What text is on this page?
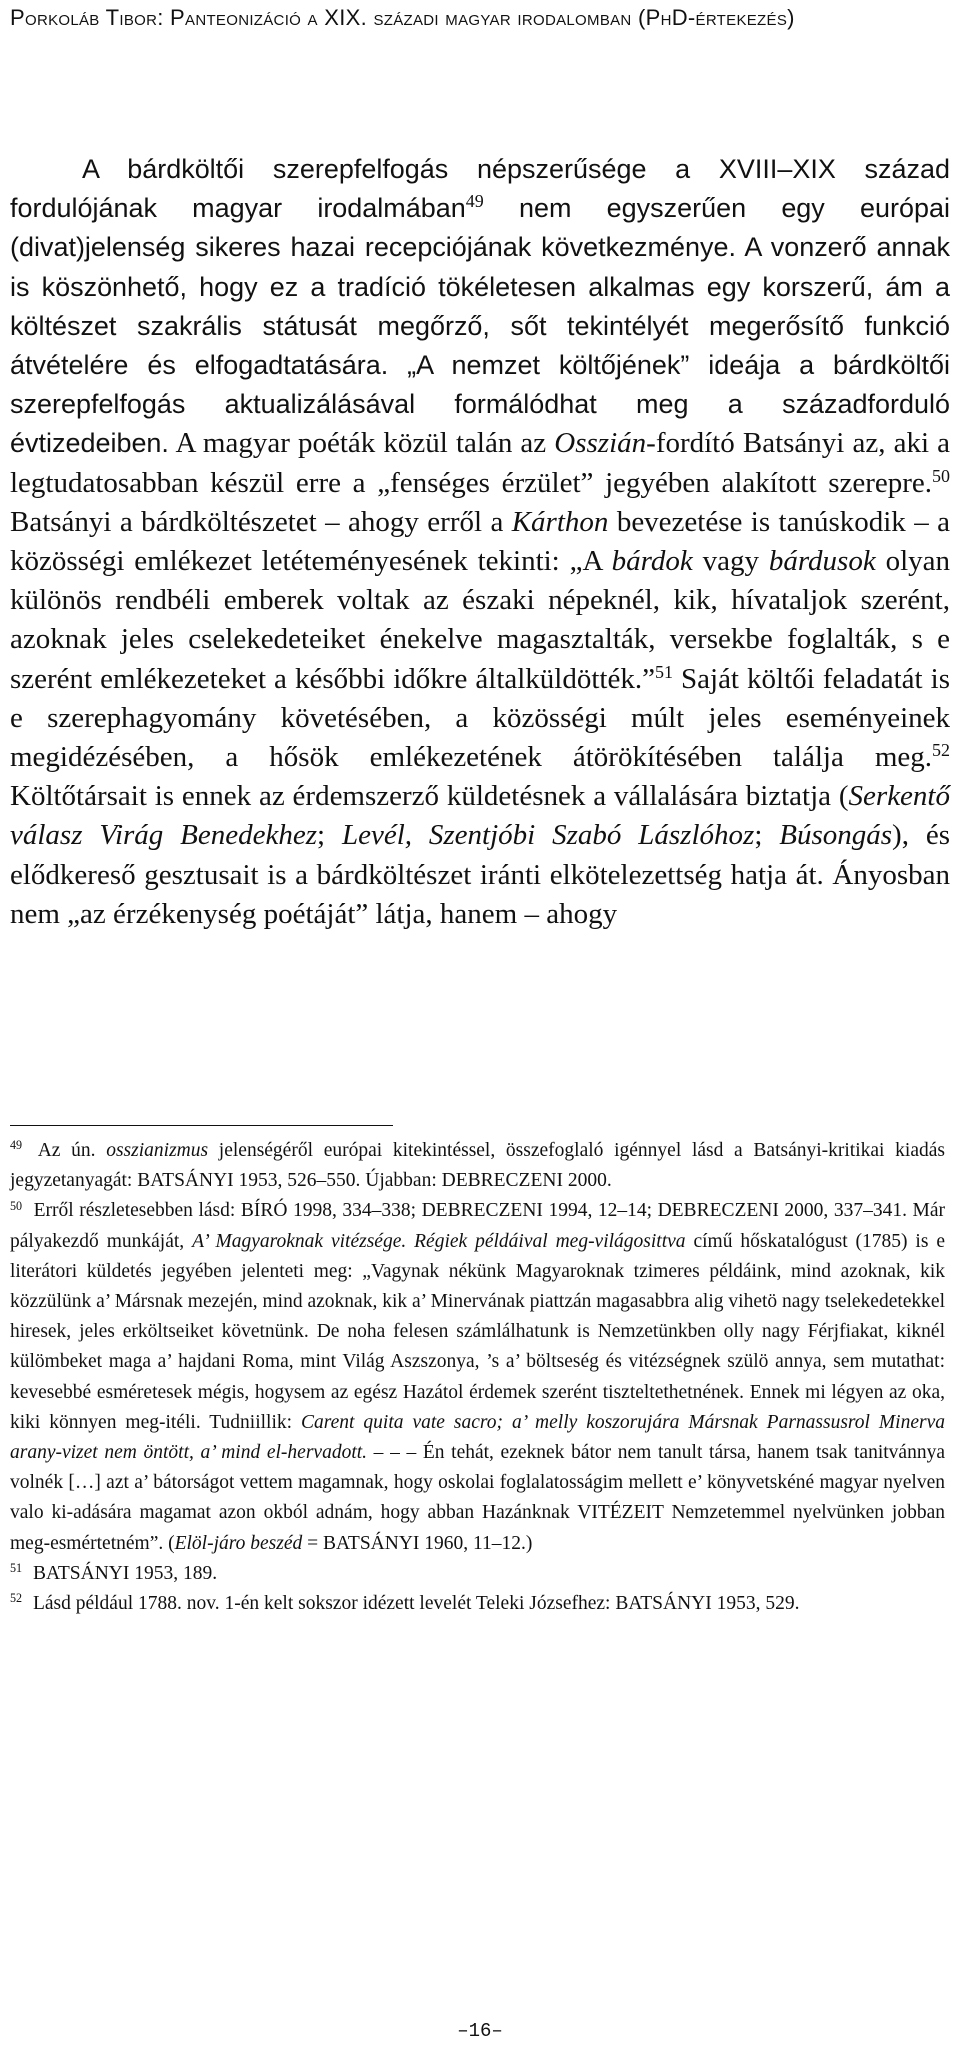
Porkoláb Tibor: Panteonizáció a XIX. századi magyar irodalomban (PhD-értekezés)

A bárdköltői szerepfelfogás népszerűsége a XVIII–XIX század fordulójának magyar irodalmában$^{49}$ nem egyszerűen egy európai (divat)jelenség sikeres hazai recepciójának következménye. A vonzerő annak is köszönhető, hogy ez a tradíció tökéletesen alkalmas egy korszerű, ám a költészet szakrális státusát megőrző, sőt tekintélyét megerősítő funkció átvételére és elfogadtatására. „A nemzet költőjének” ideája a bárdköltői szerepfelfogás aktualizálásával formálódhat meg a századforduló évtizedeiben. A magyar poéták közül talán az Osszián-fordító Batsányi az, aki a legtudatosabban készül erre a „fenséges érzület” jegyében alakított szerepre.$^{50}$ Batsányi a bárdköltészetet – ahogy erről a Kárthon bevezetése is tanúskodik – a közösségi emlékezet letéteményesének tekinti: „A bárdok vagy bárdusok olyan különös rendbéli emberek voltak az északi népeknél, kik, hívataljok szerént, azoknak jeles cselekedeteiket énekelve magasztalták, versekbe foglalták, s e szerént emlékezeteket a későbbi időkre általküldötték.”$^{51}$ Saját költői feladatát is e szerephagyomány követésében, a közösségi múlt jeles eseményeinek megidézésében, a hősök emlékezetének átörökítésében találja meg.$^{52}$ Költőtársait is ennek az érdemszerző küldetésnek a vállalására biztatja (Serkentő válasz Virág Benedekhez; Levél, Szentjóbi Szabó Lászlóhoz; Búsongás), és elődkereső gesztusait is a bárdköltészet iránti elkötelezettség hatja át. Ányosban nem „az érzékenység poétáját” látja, hanem – ahogy

$^{49}$ Az ún. osszianizmus jelenségéről európai kitekintéssel, összefoglaló igénnyel lásd a Batsányi-kritikai kiadás jegyzetanyagát: BATSÁNYI 1953, 526–550. Újabban: DEBRECZENI 2000.

$^{50}$ Erről részletesebben lásd: BÍRÓ 1998, 334–338; DEBRECZENI 1994, 12–14; DEBRECZENI 2000, 337–341. Már pályakezdő munkáját, A’ Magyaroknak vitézsége. Régiek példáival meg-világosittva című hőskatalógust (1785) is e literátori küldetés jegyében jelenteti meg: „Vagynak nékünk Magyaroknak tzimeres példáink, mind azoknak, kik közzülünk a’ Mársnak mezején, mind azoknak, kik a’ Minervának piattzán magasabbra alig vihetö nagy tselekedetekkel hiresek, jeles erköltseiket követnünk. De noha felesen számlálhatunk is Nemzetünkben olly nagy Férjfiakat, kiknél külömbeket maga a’ hajdani Roma, mint Világ Aszszonya, ’s a’ böltseség és vitézségnek szülö annya, sem mutathat: kevesebbé esméretesek mégis, hogysem az egész Hazátol érdemek szerént tiszteltethetnének. Ennek mi légyen az oka, kiki könnyen meg-itéli. Tudniillik: Carent quita vate sacro; a’ melly koszorujára Mársnak Parnassusrol Minerva arany-vizet nem öntött, a’ mind el-hervadott. – – – Én tehát, ezeknek bátor nem tanult társa, hanem tsak tanitvánnya volnék […] azt a’ bátorságot vettem magamnak, hogy oskolai foglalatosságim mellett e’ könyvetskéné magyar nyelven valo ki-adására magamat azon okból adnám, hogy abban Hazánknak VITÉZEIT Nemzetemmel nyelvünken jobban meg-esmértetném”. (Elöl-járo beszéd = BATSÁNYI 1960, 11–12.)

$^{51}$ BATSÁNYI 1953, 189.

$^{52}$ Lásd például 1788. nov. 1-én kelt sokszor idézett levelét Teleki Józsefhez: BATSÁNYI 1953, 529.

–16–
